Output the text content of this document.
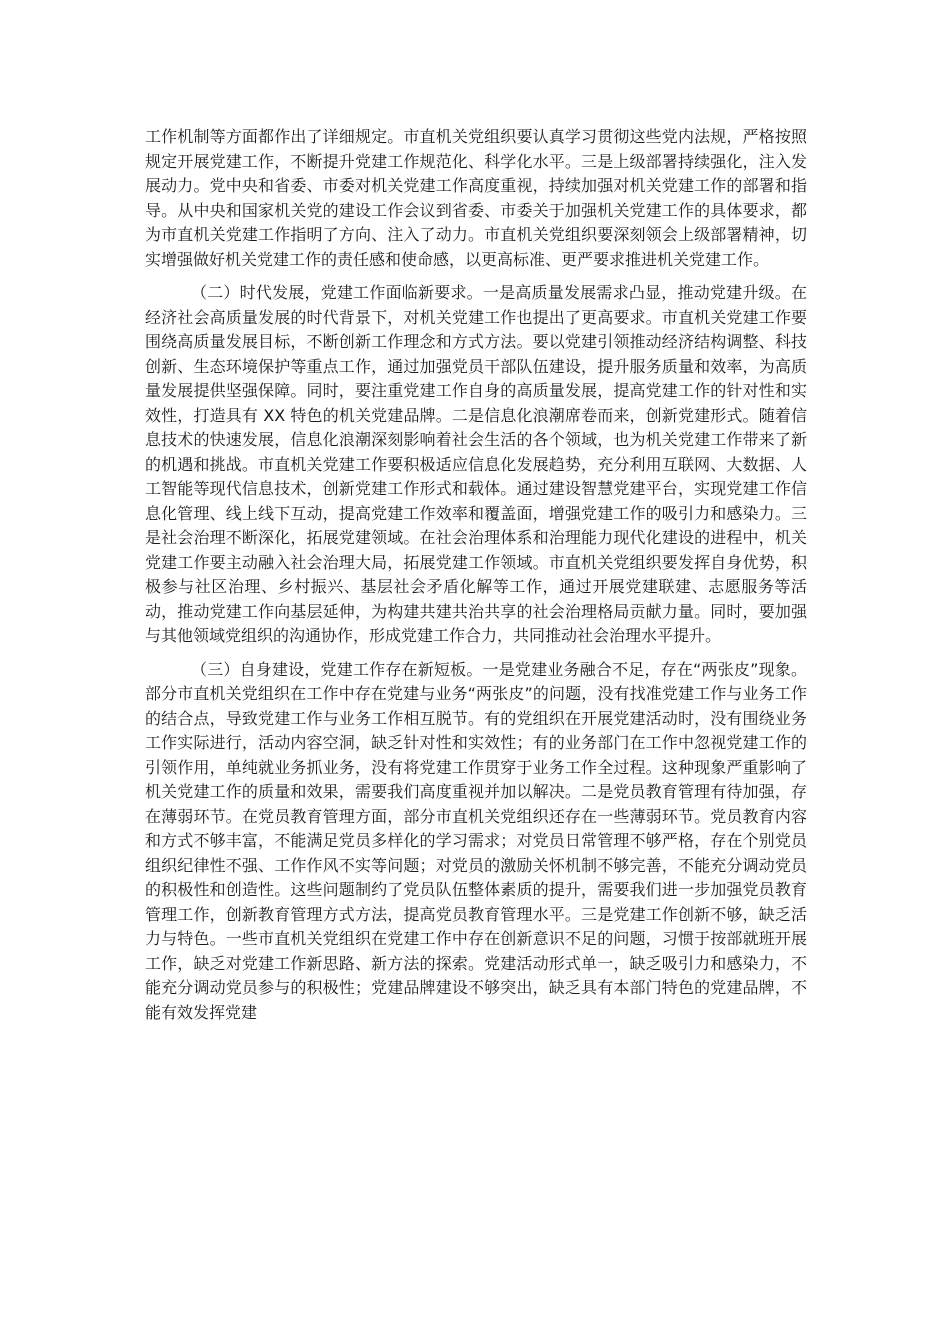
工作机制等方面都作出了详细规定。市直机关党组织要认真学习贯彻这些党内法规，严格按照规定开展党建工作，不断提升党建工作规范化、科学化水平。三是上级部署持续强化，注入发展动力。党中央和省委、市委对机关党建工作高度重视，持续加强对机关党建工作的部署和指导。从中央和国家机关党的建设工作会议到省委、市委关于加强机关党建工作的具体要求，都为市直机关党建工作指明了方向、注入了动力。市直机关党组织要深刻领会上级部署精神，切实增强做好机关党建工作的责任感和使命感，以更高标准、更严要求推进机关党建工作。

（二）时代发展，党建工作面临新要求。一是高质量发展需求凸显，推动党建升级。在经济社会高质量发展的时代背景下，对机关党建工作也提出了更高要求。市直机关党建工作要围绕高质量发展目标，不断创新工作理念和方式方法。要以党建引领推动经济结构调整、科技创新、生态环境保护等重点工作，通过加强党员干部队伍建设，提升服务质量和效率，为高质量发展提供坚强保障。同时，要注重党建工作自身的高质量发展，提高党建工作的针对性和实效性，打造具有 XX 特色的机关党建品牌。二是信息化浪潮席卷而来，创新党建形式。随着信息技术的快速发展，信息化浪潮深刻影响着社会生活的各个领域，也为机关党建工作带来了新的机遇和挑战。市直机关党建工作要积极适应信息化发展趋势，充分利用互联网、大数据、人工智能等现代信息技术，创新党建工作形式和载体。通过建设智慧党建平台，实现党建工作信息化管理、线上线下互动，提高党建工作效率和覆盖面，增强党建工作的吸引力和感染力。三是社会治理不断深化，拓展党建领域。在社会治理体系和治理能力现代化建设的进程中，机关党建工作要主动融入社会治理大局，拓展党建工作领域。市直机关党组织要发挥自身优势，积极参与社区治理、乡村振兴、基层社会矛盾化解等工作，通过开展党建联建、志愿服务等活动，推动党建工作向基层延伸，为构建共建共治共享的社会治理格局贡献力量。同时，要加强与其他领域党组织的沟通协作，形成党建工作合力，共同推动社会治理水平提升。

（三）自身建设，党建工作存在新短板。一是党建业务融合不足，存在“两张皮”现象。部分市直机关党组织在工作中存在党建与业务“两张皮”的问题，没有找准党建工作与业务工作的结合点，导致党建工作与业务工作相互脱节。有的党组织在开展党建活动时，没有围绕业务工作实际进行，活动内容空洞，缺乏针对性和实效性；有的业务部门在工作中忽视党建工作的引领作用，单纯就业务抓业务，没有将党建工作贯穿于业务工作全过程。这种现象严重影响了机关党建工作的质量和效果，需要我们高度重视并加以解决。二是党员教育管理有待加强，存在薄弱环节。在党员教育管理方面，部分市直机关党组织还存在一些薄弱环节。党员教育内容和方式不够丰富，不能满足党员多样化的学习需求；对党员日常管理不够严格，存在个别党员组织纪律性不强、工作作风不实等问题；对党员的激励关怀机制不够完善，不能充分调动党员的积极性和创造性。这些问题制约了党员队伍整体素质的提升，需要我们进一步加强党员教育管理工作，创新教育管理方式方法，提高党员教育管理水平。三是党建工作创新不够，缺乏活力与特色。一些市直机关党组织在党建工作中存在创新意识不足的问题，习惯于按部就班开展工作，缺乏对党建工作新思路、新方法的探索。党建活动形式单一，缺乏吸引力和感染力，不能充分调动党员参与的积极性；党建品牌建设不够突出，缺乏具有本部门特色的党建品牌，不能有效发挥党建
